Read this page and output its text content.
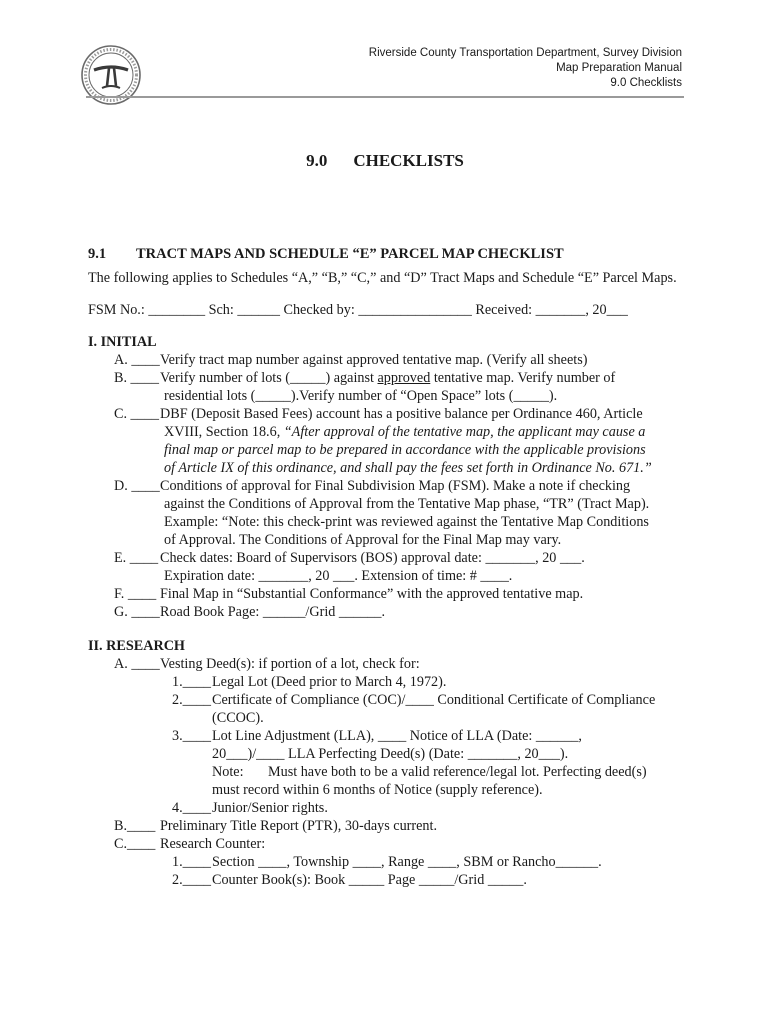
Riverside County Transportation Department, Survey Division
Map Preparation Manual
9.0 Checklists
9.0 CHECKLISTS
9.1 TRACT MAPS AND SCHEDULE “E” PARCEL MAP CHECKLIST
The following applies to Schedules “A,” “B,” “C,” and “D” Tract Maps and Schedule “E” Parcel Maps.
FSM No.: ________ Sch: ______ Checked by: ________________ Received: _______, 20___
I. INITIAL
A. ____ Verify tract map number against approved tentative map. (Verify all sheets)
B. ____ Verify number of lots (_____) against approved tentative map. Verify number of
residential lots (_____).Verify number of “Open Space” lots (_____).
C. ____ DBF (Deposit Based Fees) account has a positive balance per Ordinance 460, Article
XVIII, Section 18.6, “After approval of the tentative map, the applicant may cause a
final map or parcel map to be prepared in accordance with the applicable provisions
of Article IX of this ordinance, and shall pay the fees set forth in Ordinance No. 671.”
D. ____ Conditions of approval for Final Subdivision Map (FSM). Make a note if checking
against the Conditions of Approval from the Tentative Map phase, “TR” (Tract Map).
Example: “Note: this check-print was reviewed against the Tentative Map Conditions
of Approval. The Conditions of Approval for the Final Map may vary.
E. ____ Check dates: Board of Supervisors (BOS) approval date: _______, 20 ___.
Expiration date: _______, 20 ___. Extension of time: # ____.
F. ____ Final Map in “Substantial Conformance” with the approved tentative map.
G. ____ Road Book Page: ______/Grid ______.
II. RESEARCH
A. ____ Vesting Deed(s): if portion of a lot, check for:
1.____ Legal Lot (Deed prior to March 4, 1972).
2.____ Certificate of Compliance (COC)/____ Conditional Certificate of Compliance
(CCOC).
3.____ Lot Line Adjustment (LLA), ____ Notice of LLA (Date: ______,
20___)/____ LLA Perfecting Deed(s) (Date: _______, 20___).
Note: Must have both to be a valid reference/legal lot. Perfecting deed(s)
must record within 6 months of Notice (supply reference).
4.____ Junior/Senior rights.
B.____ Preliminary Title Report (PTR), 30-days current.
C.____ Research Counter:
1.____ Section ____, Township ____, Range ____, SBM or Rancho______.
2.____ Counter Book(s): Book _____ Page _____/Grid _____.
